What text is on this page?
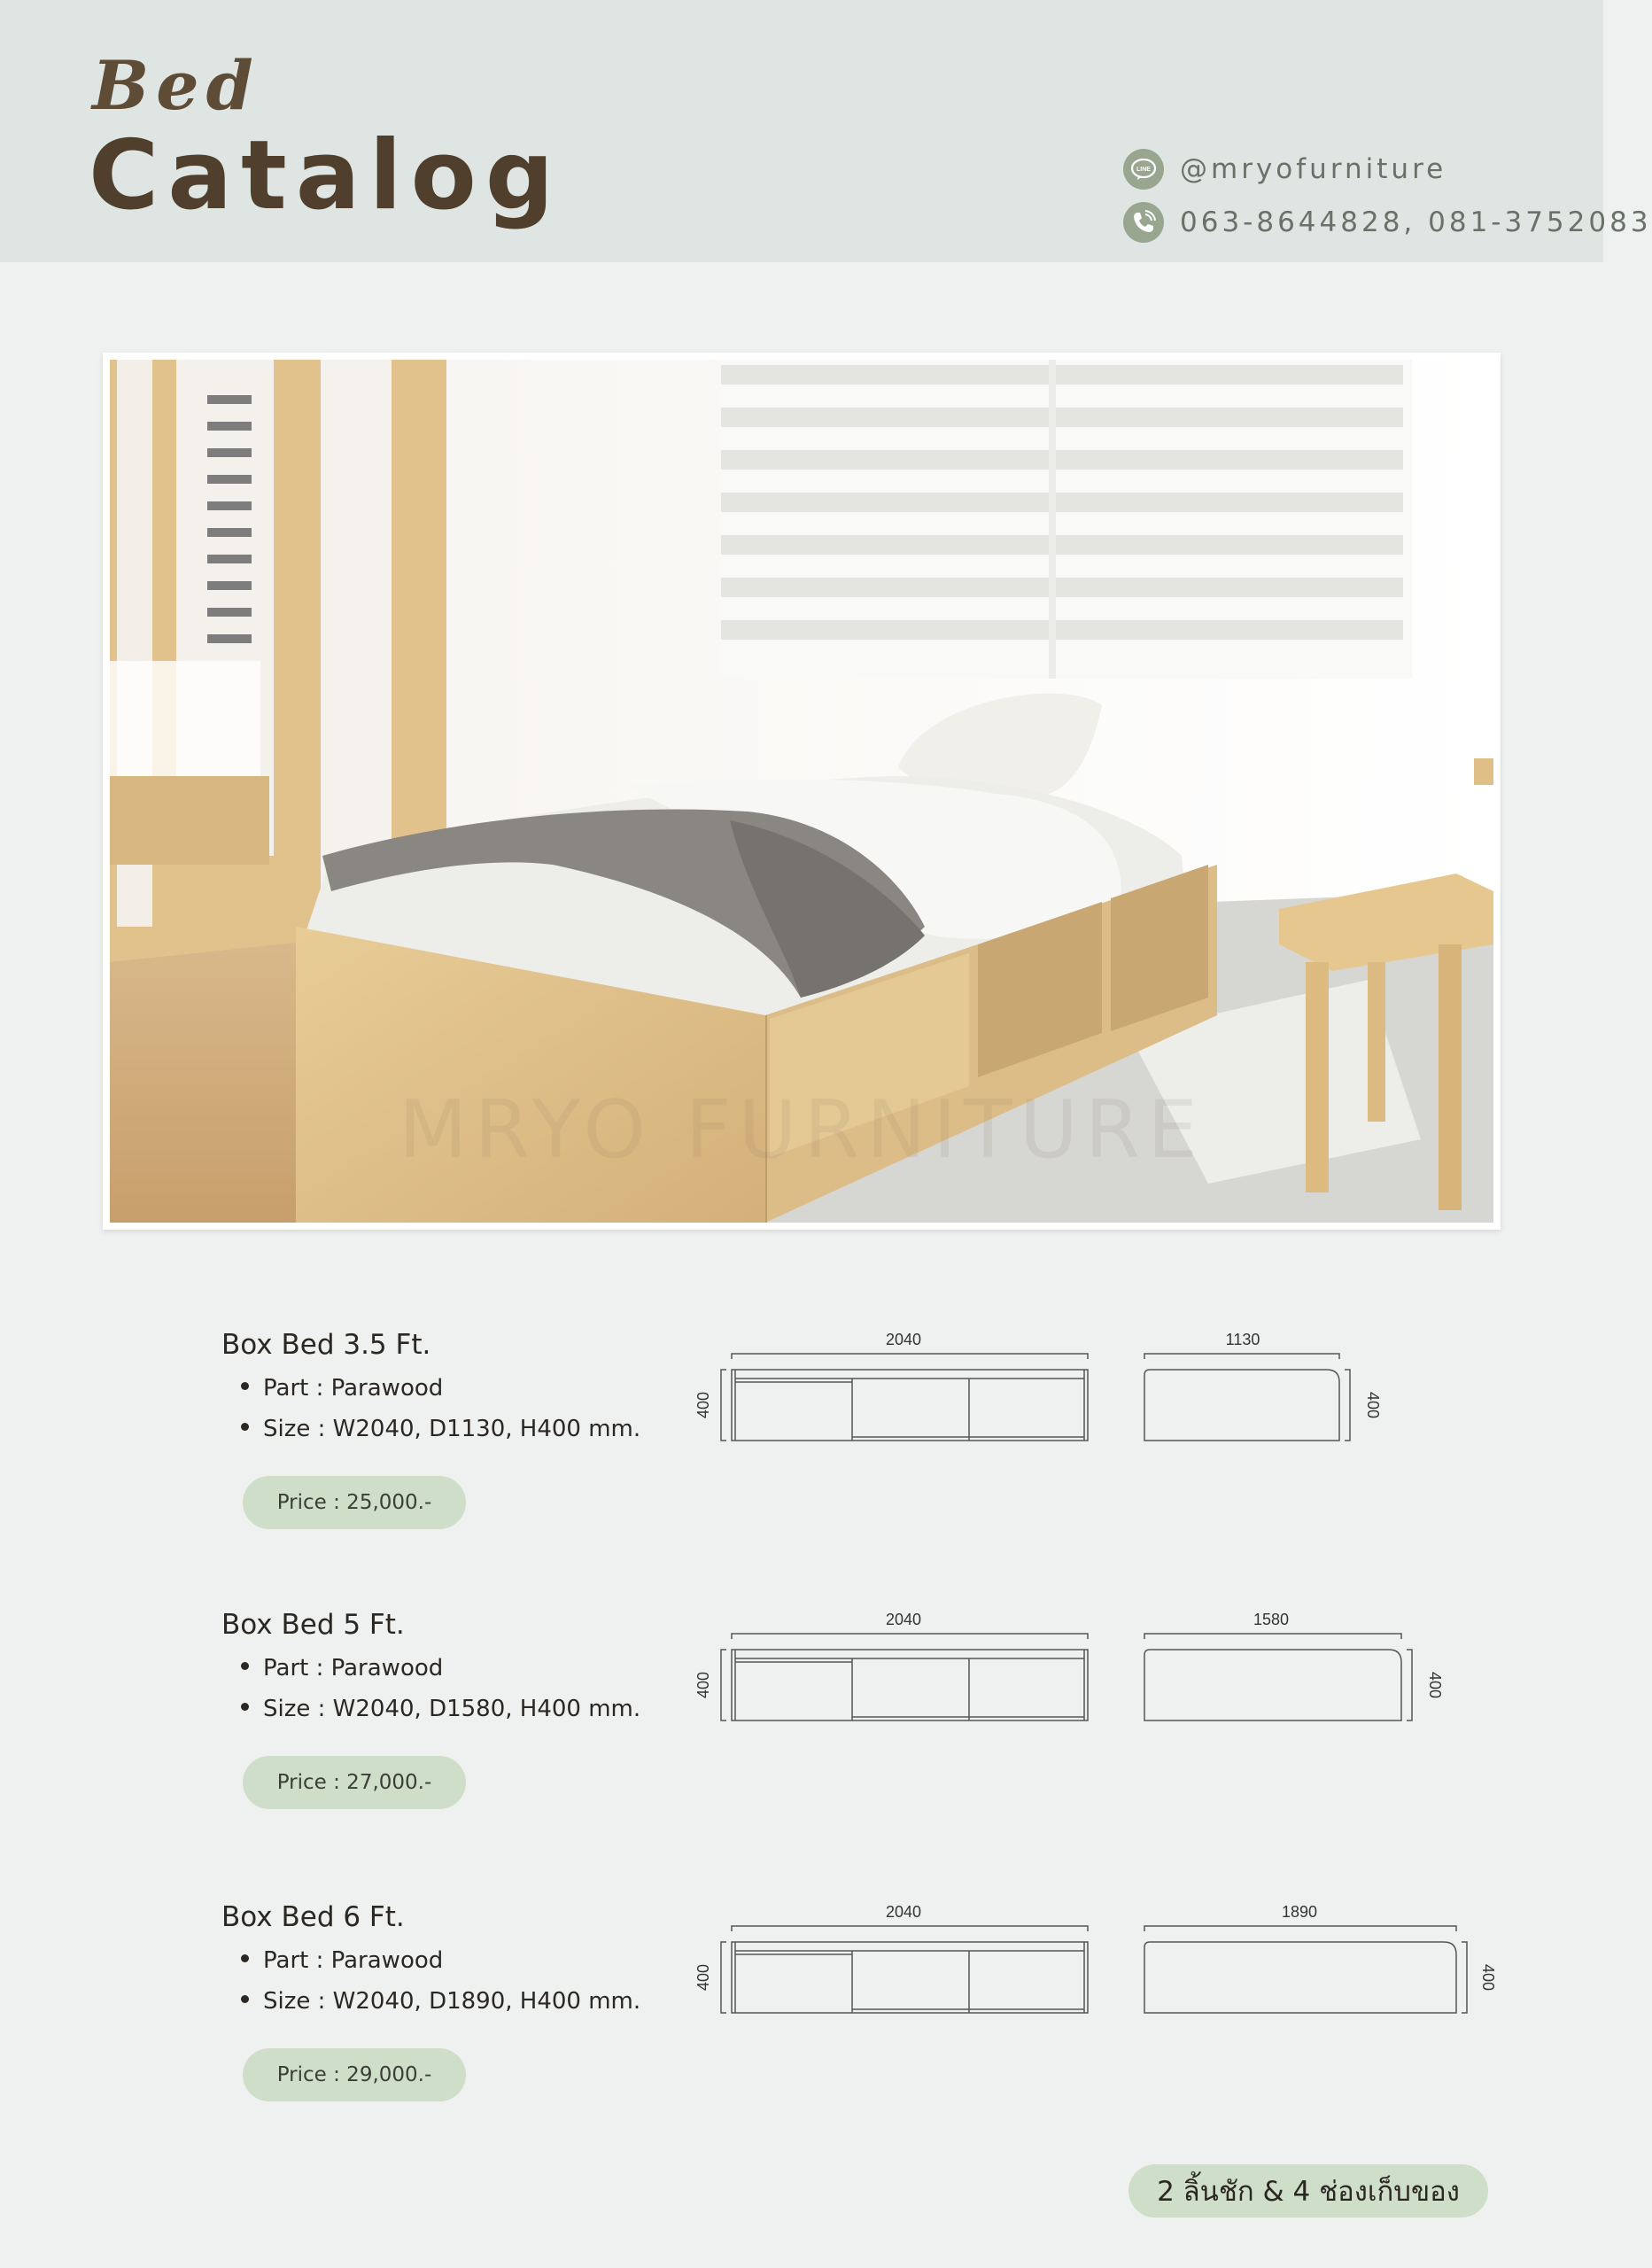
Bed
Catalog	LINE @mryofurniture
063-8644828, 081-3752083
MRYO FURNITURE
Box Bed 3.5 Ft.
Part : Parawood
Size : W2040, D1130, H400 mm.
Price : 25,000.-
2040
400
1130
400
Box Bed 5 Ft.
Part : Parawood
Size : W2040, D1580, H400 mm.
Price : 27,000.-
2040
400
1580
400
Box Bed 6 Ft.
Part : Parawood
Size : W2040, D1890, H400 mm.
Price : 29,000.-
2040
400
1890
400
2 ลิ้นชัก & 4 ช่องเก็บของ
